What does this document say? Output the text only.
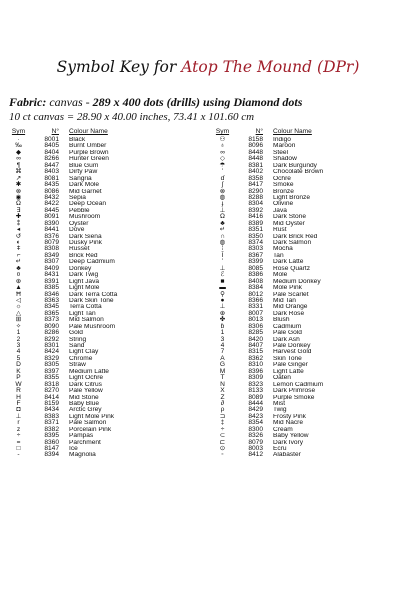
Symbol Key for Atop The Mound (DPr)
Fabric: canvas - 289 x 400 dots (drills) using Diamond dots
10 ct canvas = 28.90 x 40.00 inches, 73.41 x 101.60 cm
Sym	N°	Colour Name
·	8001	Black
‰	8405	Burnt Umber
◆	8404	Purple Brown
∞	8266	Hunter Green
¶	8447	Blue Gum
⌘	8403	Dirty Paw
↗	8081	Sangria
✱	8435	Dark Mole
⊗	8086	Mid Garnet
◉	8432	Sepia
Ω	8422	Deep Ocean
∃	8445	Pebble
✚	8091	Mushroom
⁑	8390	Oyster
◂	8441	Dove
↺	8376	Dark Siena
◐	8079	Dusky Pink
ǂ	8308	Russet
⌐	8349	Brick Red
↵	8307	Deep Cadmium
♣	8409	Donkey
¤	8431	Dark Twig
⊕	8391	Light Java
▲	8385	Light Mole
Ħ	8346	Dark Terra Cotta
◁	8363	Dark Skin Tone
☼	8345	Terra Cotta
△	8365	Light Tan
⊞	8373	Mid Salmon
✧	8090	Pale Mushroom
1	8286	Gold
2	8292	String
3	8301	Sand
4	8424	Light Clay
5	8329	Chrome
D	8305	Straw
K	8397	Medium Latte
P	8355	Light Ochre
W	8318	Dark Citrus
R	8270	Pale Yellow
H	8414	Mid Stone
F	8159	Baby Blue
◘	8434	Arctic Grey
⊥	8383	Light Mole Pink
r	8371	Pale Salmon
z	8382	Porcelain Pink
÷	8395	Pampas
=	8360	Parchment
□	8147	Ice
-	8394	Magnolia
Sym	N°	Colour Name
⚇	8158	Indigo
♁	8096	Maroon
∞	8448	Steel
◇	8448	Shadow
☂	8381	Dark Burgundy
ʻ	8402	Chocolate Brown
ɗ	8358	Ochre
ʃ	8417	Smoke
⊗	8290	Bronze
◍	8288	Light Bronze
ɟ	8304	Olivine
⊥	8392	Java
Ω	8416	Dark Stone
♣	8389	Mid Oyster
↵	8351	Rust
∩	8350	Dark Brick Red
◍	8374	Dark Salmon
⁞	8303	Mocha
Ĭ	8367	Tan
ʻ	8399	Dark Latte
⊥	8085	Rose Quartz
ℰ	8386	Mole
■	8408	Medium Donkey
▬	8384	Mole Pink
⚲	8012	Pale Scarlet
●	8366	Mid Tan
⊥	8331	Mid Orange
⊕	8007	Dark Rose
✤	8013	Blush
ɓ	8306	Cadmium
1	8285	Pale Gold
3	8420	Dark Ash
4	8407	Pale Donkey
7	8315	Harvest Gold
A	8362	Skin Tone
G	8310	Pale Ginger
M	8396	Light Latte
T	8309	Oaten
N	8323	Lemon Cadmium
X	8133	Dark Primrose
Z	8089	Purple Smoke
∂	8444	Mist
ρ	8429	Twig
⊐	8423	Frosty Pink
‡	8354	Mid Nacre
÷	8300	Cream
⊂	8326	Baby Yellow
⊏	8079	Dark Ivory
⊙	8003	Ecru
◦	8412	Alabaster
